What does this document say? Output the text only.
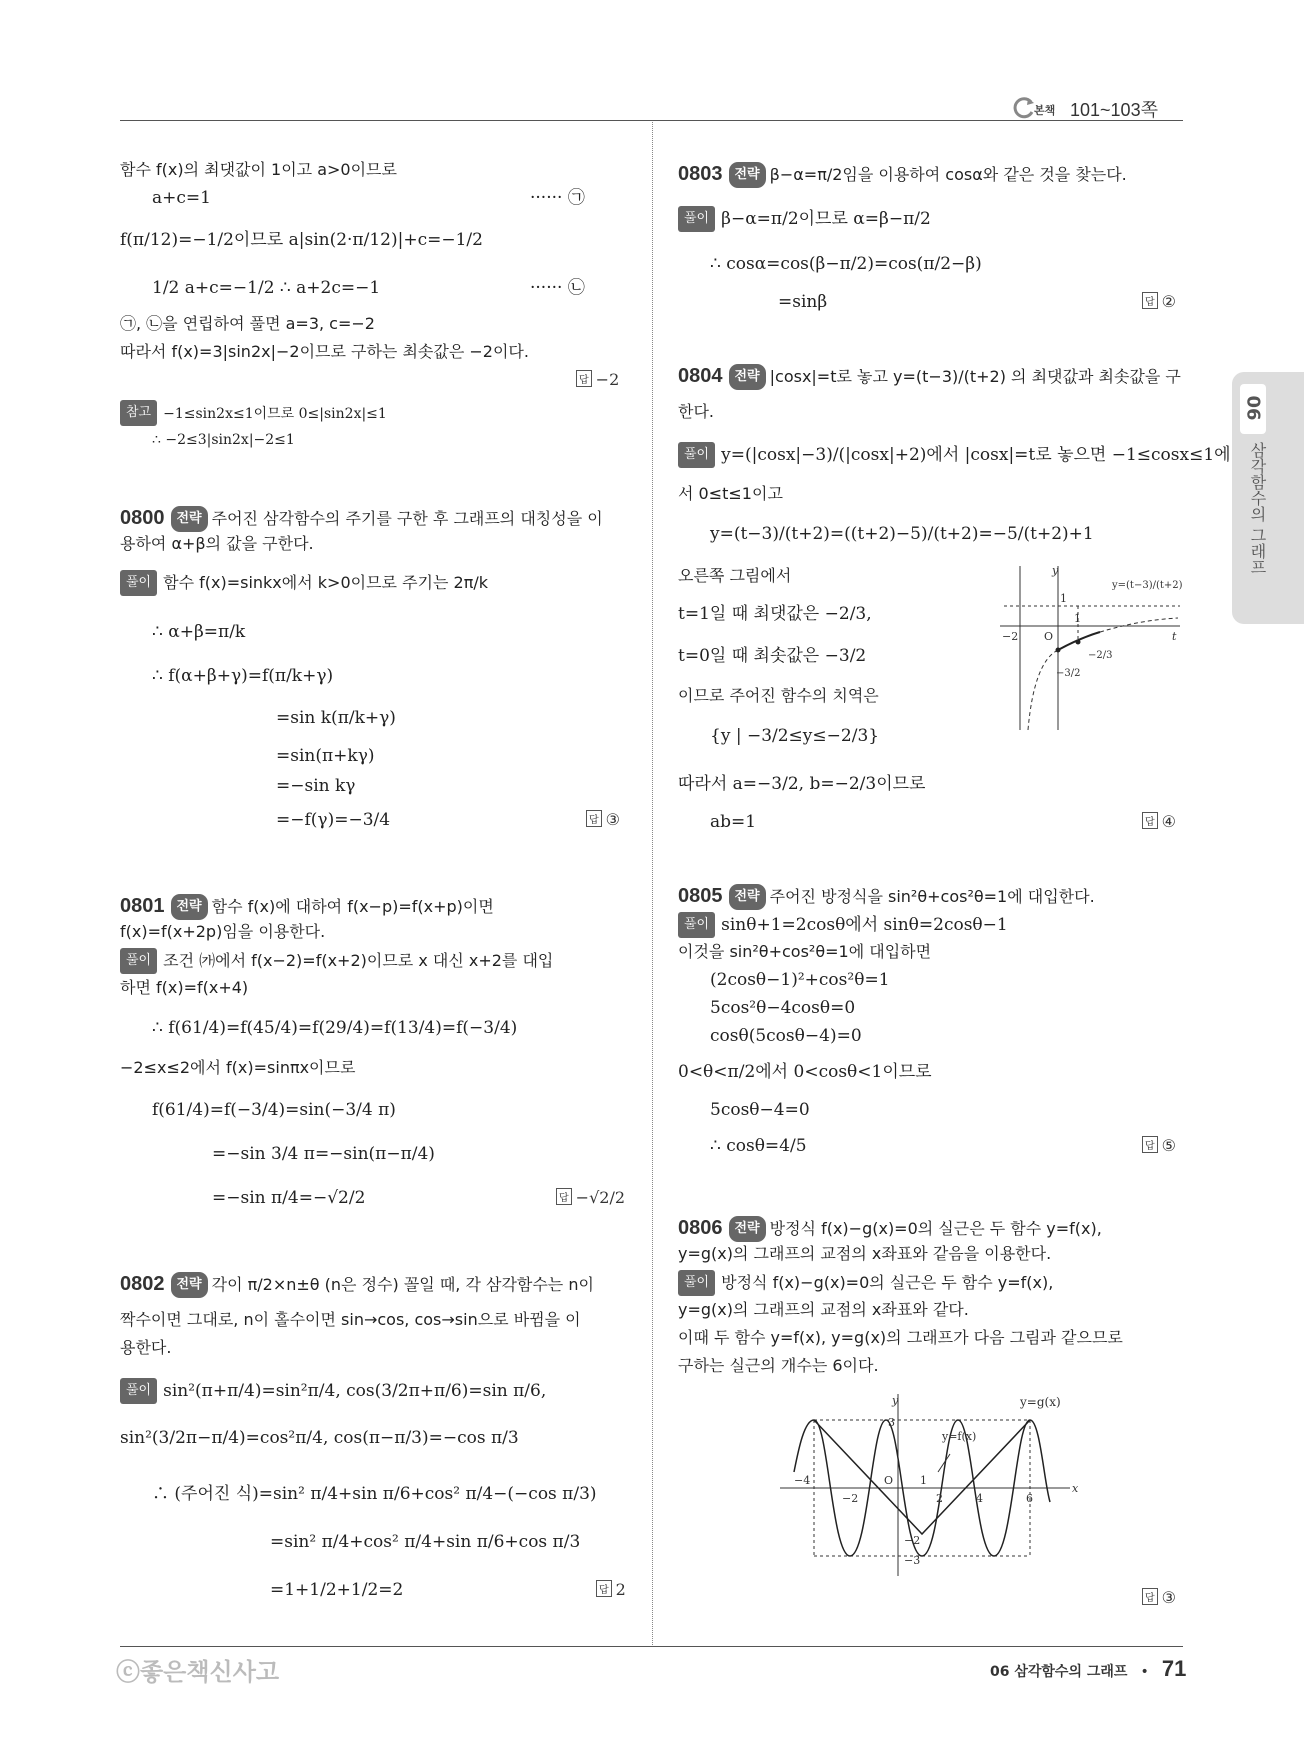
본책 101~103쪽
06
삼각함수의 그래프
함수 f(x)의 최댓값이 1이고 a>0이므로
a+c=1	······ ㉠
f(π/12)=−1/2이므로 a|sin(2·π/12)|+c=−1/2
1/2 a+c=−1/2 ∴ a+2c=−1	······ ㉡
㉠, ㉡을 연립하여 풀면 a=3, c=−2
따라서 f(x)=3|sin2x|−2이므로 구하는 최솟값은 −2이다.
답 −2
참고 −1≤sin2x≤1이므로 0≤|sin2x|≤1
∴ −2≤3|sin2x|−2≤1
0800 전략 주어진 삼각함수의 주기를 구한 후 그래프의 대칭성을 이
용하여 α+β의 값을 구한다.
풀이 함수 f(x)=sinkx에서 k>0이므로 주기는 2π/k
∴ α+β=π/k
∴ f(α+β+γ)=f(π/k+γ)
=sin k(π/k+γ)
=sin(π+kγ)
=−sin kγ
=−f(γ)=−3/4	답 ③
0801 전략 함수 f(x)에 대하여 f(x−p)=f(x+p)이면
f(x)=f(x+2p)임을 이용한다.
풀이 조건 ㈎에서 f(x−2)=f(x+2)이므로 x 대신 x+2를 대입
하면 f(x)=f(x+4)
∴ f(61/4)=f(45/4)=f(29/4)=f(13/4)=f(−3/4)
−2≤x≤2에서 f(x)=sinπx이므로
f(61/4)=f(−3/4)=sin(−3/4 π)
=−sin 3/4 π=−sin(π−π/4)
=−sin π/4=−√2/2	답 −√2/2
0802 전략 각이 π/2×n±θ (n은 정수) 꼴일 때, 각 삼각함수는 n이
짝수이면 그대로, n이 홀수이면 sin→cos, cos→sin으로 바뀜을 이
용한다.
풀이 sin²(π+π/4)=sin²π/4, cos(3/2π+π/6)=sin π/6,
sin²(3/2π−π/4)=cos²π/4, cos(π−π/3)=−cos π/3
∴ (주어진 식)=sin² π/4+sin π/6+cos² π/4−(−cos π/3)
=sin² π/4+cos² π/4+sin π/6+cos π/3
=1+1/2+1/2=2	답 2
0803 전략 β−α=π/2임을 이용하여 cosα와 같은 것을 찾는다.
풀이 β−α=π/2이므로 α=β−π/2
∴ cosα=cos(β−π/2)=cos(π/2−β)
=sinβ	답 ②
0804 전략 |cosx|=t로 놓고 y=(t−3)/(t+2) 의 최댓값과 최솟값을 구
한다.
풀이 y=(|cosx|−3)/(|cosx|+2)에서 |cosx|=t로 놓으면 −1≤cosx≤1에
서 0≤t≤1이고
y=(t−3)/(t+2)=((t+2)−5)/(t+2)=−5/(t+2)+1
오른쪽 그림에서
t=1일 때 최댓값은 −2/3,
t=0일 때 최솟값은 −3/2
이므로 주어진 함수의 치역은
{y | −3/2≤y≤−2/3}
따라서 a=−3/2, b=−2/3이므로
ab=1	답 ④
y
t
y=(t−3)/(t+2)
−2 O
1
1
−2/3
−3/2
0805 전략 주어진 방정식을 sin²θ+cos²θ=1에 대입한다.
풀이 sinθ+1=2cosθ에서 sinθ=2cosθ−1
이것을 sin²θ+cos²θ=1에 대입하면
(2cosθ−1)²+cos²θ=1
5cos²θ−4cosθ=0
cosθ(5cosθ−4)=0
0<θ<π/2에서 0<cosθ<1이므로
5cosθ−4=0
∴ cosθ=4/5	답 ⑤
0806 전략 방정식 f(x)−g(x)=0의 실근은 두 함수 y=f(x),
y=g(x)의 그래프의 교점의 x좌표와 같음을 이용한다.
풀이 방정식 f(x)−g(x)=0의 실근은 두 함수 y=f(x),
y=g(x)의 그래프의 교점의 x좌표와 같다.
이때 두 함수 y=f(x), y=g(x)의 그래프가 다음 그림과 같으므로
구하는 실근의 개수는 6이다.
y
x
y=g(x)
y=f(x)
−4
−2
O 1
2	4	6
3
−2
−3
답 ③
ⓒ좋은책신사고	06 삼각함수의 그래프 • 71
